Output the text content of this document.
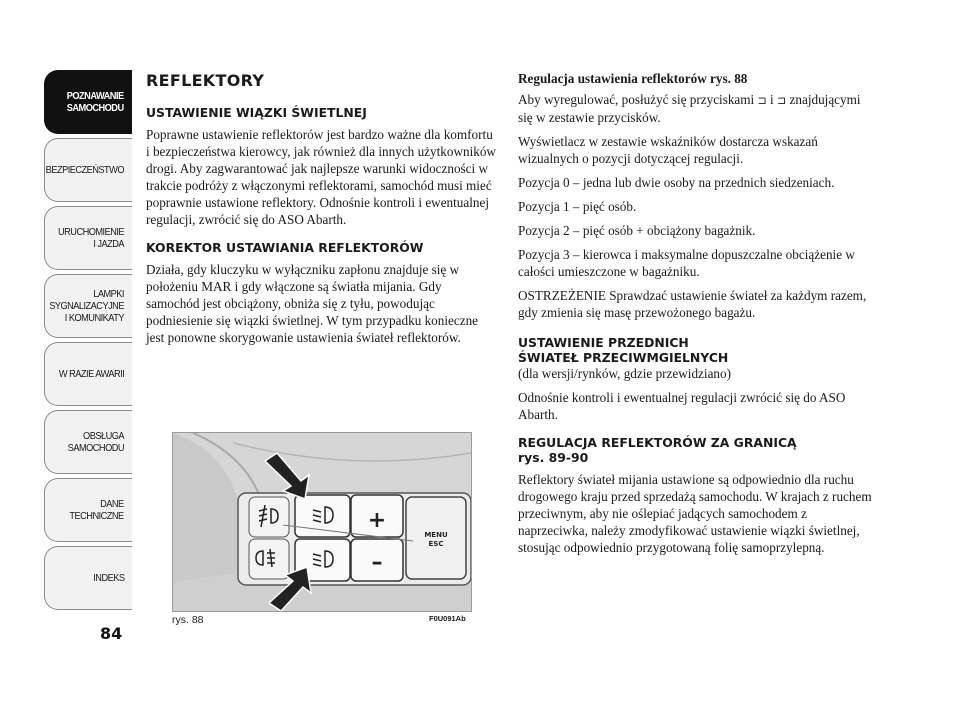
POZNAWANIE
SAMOCHODU
BEZPIECZEŃSTWO
URUCHOMIENIE
I JAZDA
LAMPKI
SYGNALIZACYJNE
I KOMUNIKATY
W RAZIE AWARII
OBSŁUGA
SAMOCHODU
DANE
TECHNICZNE
INDEKS
84
REFLEKTORY
USTAWIENIE WIĄZKI ŚWIETLNEJ

Poprawne ustawienie reflektorów jest bardzo ważne dla komfortu i bezpieczeństwa kierowcy, jak również dla innych użytkowników drogi. Aby zagwarantować jak najlepsze warunki widoczności w trakcie podróży z włączonymi reflektorami, samochód musi mieć poprawnie ustawione reflektory. Odnośnie kontroli i ewentualnej regulacji, zwrócić się do ASO Abarth.

KOREKTOR USTAWIANIA REFLEKTORÓW

Działa, gdy kluczyku w wyłączniku zapłonu znajduje się w położeniu MAR i gdy włączone są światła mijania. Gdy samochód jest obciążony, obniża się z tyłu, powodując podniesienie się wiązki świetlnej. W tym przypadku konieczne jest ponowne skorygowanie ustawienia świateł reflektorów.

+
–
MENU
ESC
rys. 88	F0U091Ab

Regulacja ustawienia reflektorów rys. 88

Aby wyregulować, posłużyć się przyciskami ⊐ i ⊐ znajdującymi się w zestawie przycisków.

Wyświetlacz w zestawie wskaźników dostarcza wskazań wizualnych o pozycji dotyczącej regulacji.

Pozycja 0 – jedna lub dwie osoby na przednich siedzeniach.

Pozycja 1 – pięć osób.

Pozycja 2 – pięć osób + obciążony bagażnik.

Pozycja 3 – kierowca i maksymalne dopuszczalne obciążenie w całości umieszczone w bagażniku.

OSTRZEŻENIE Sprawdzać ustawienie świateł za każdym razem, gdy zmienia się masę przewożonego bagażu.

USTAWIENIE PRZEDNICH
ŚWIATEŁ PRZECIWMGIELNYCH

(dla wersji/rynków, gdzie przewidziano)

Odnośnie kontroli i ewentualnej regulacji zwrócić się do ASO Abarth.

REGULACJA REFLEKTORÓW ZA GRANICĄ
rys. 89-90

Reflektory świateł mijania ustawione są odpowiednio dla ruchu drogowego kraju przed sprzedażą samochodu. W krajach z ruchem przeciwnym, aby nie oślepiać jadących samochodem z naprzeciwka, należy zmodyfikować ustawienie wiązki świetlnej, stosując odpowiednio przygotowaną folię samoprzylepną.
